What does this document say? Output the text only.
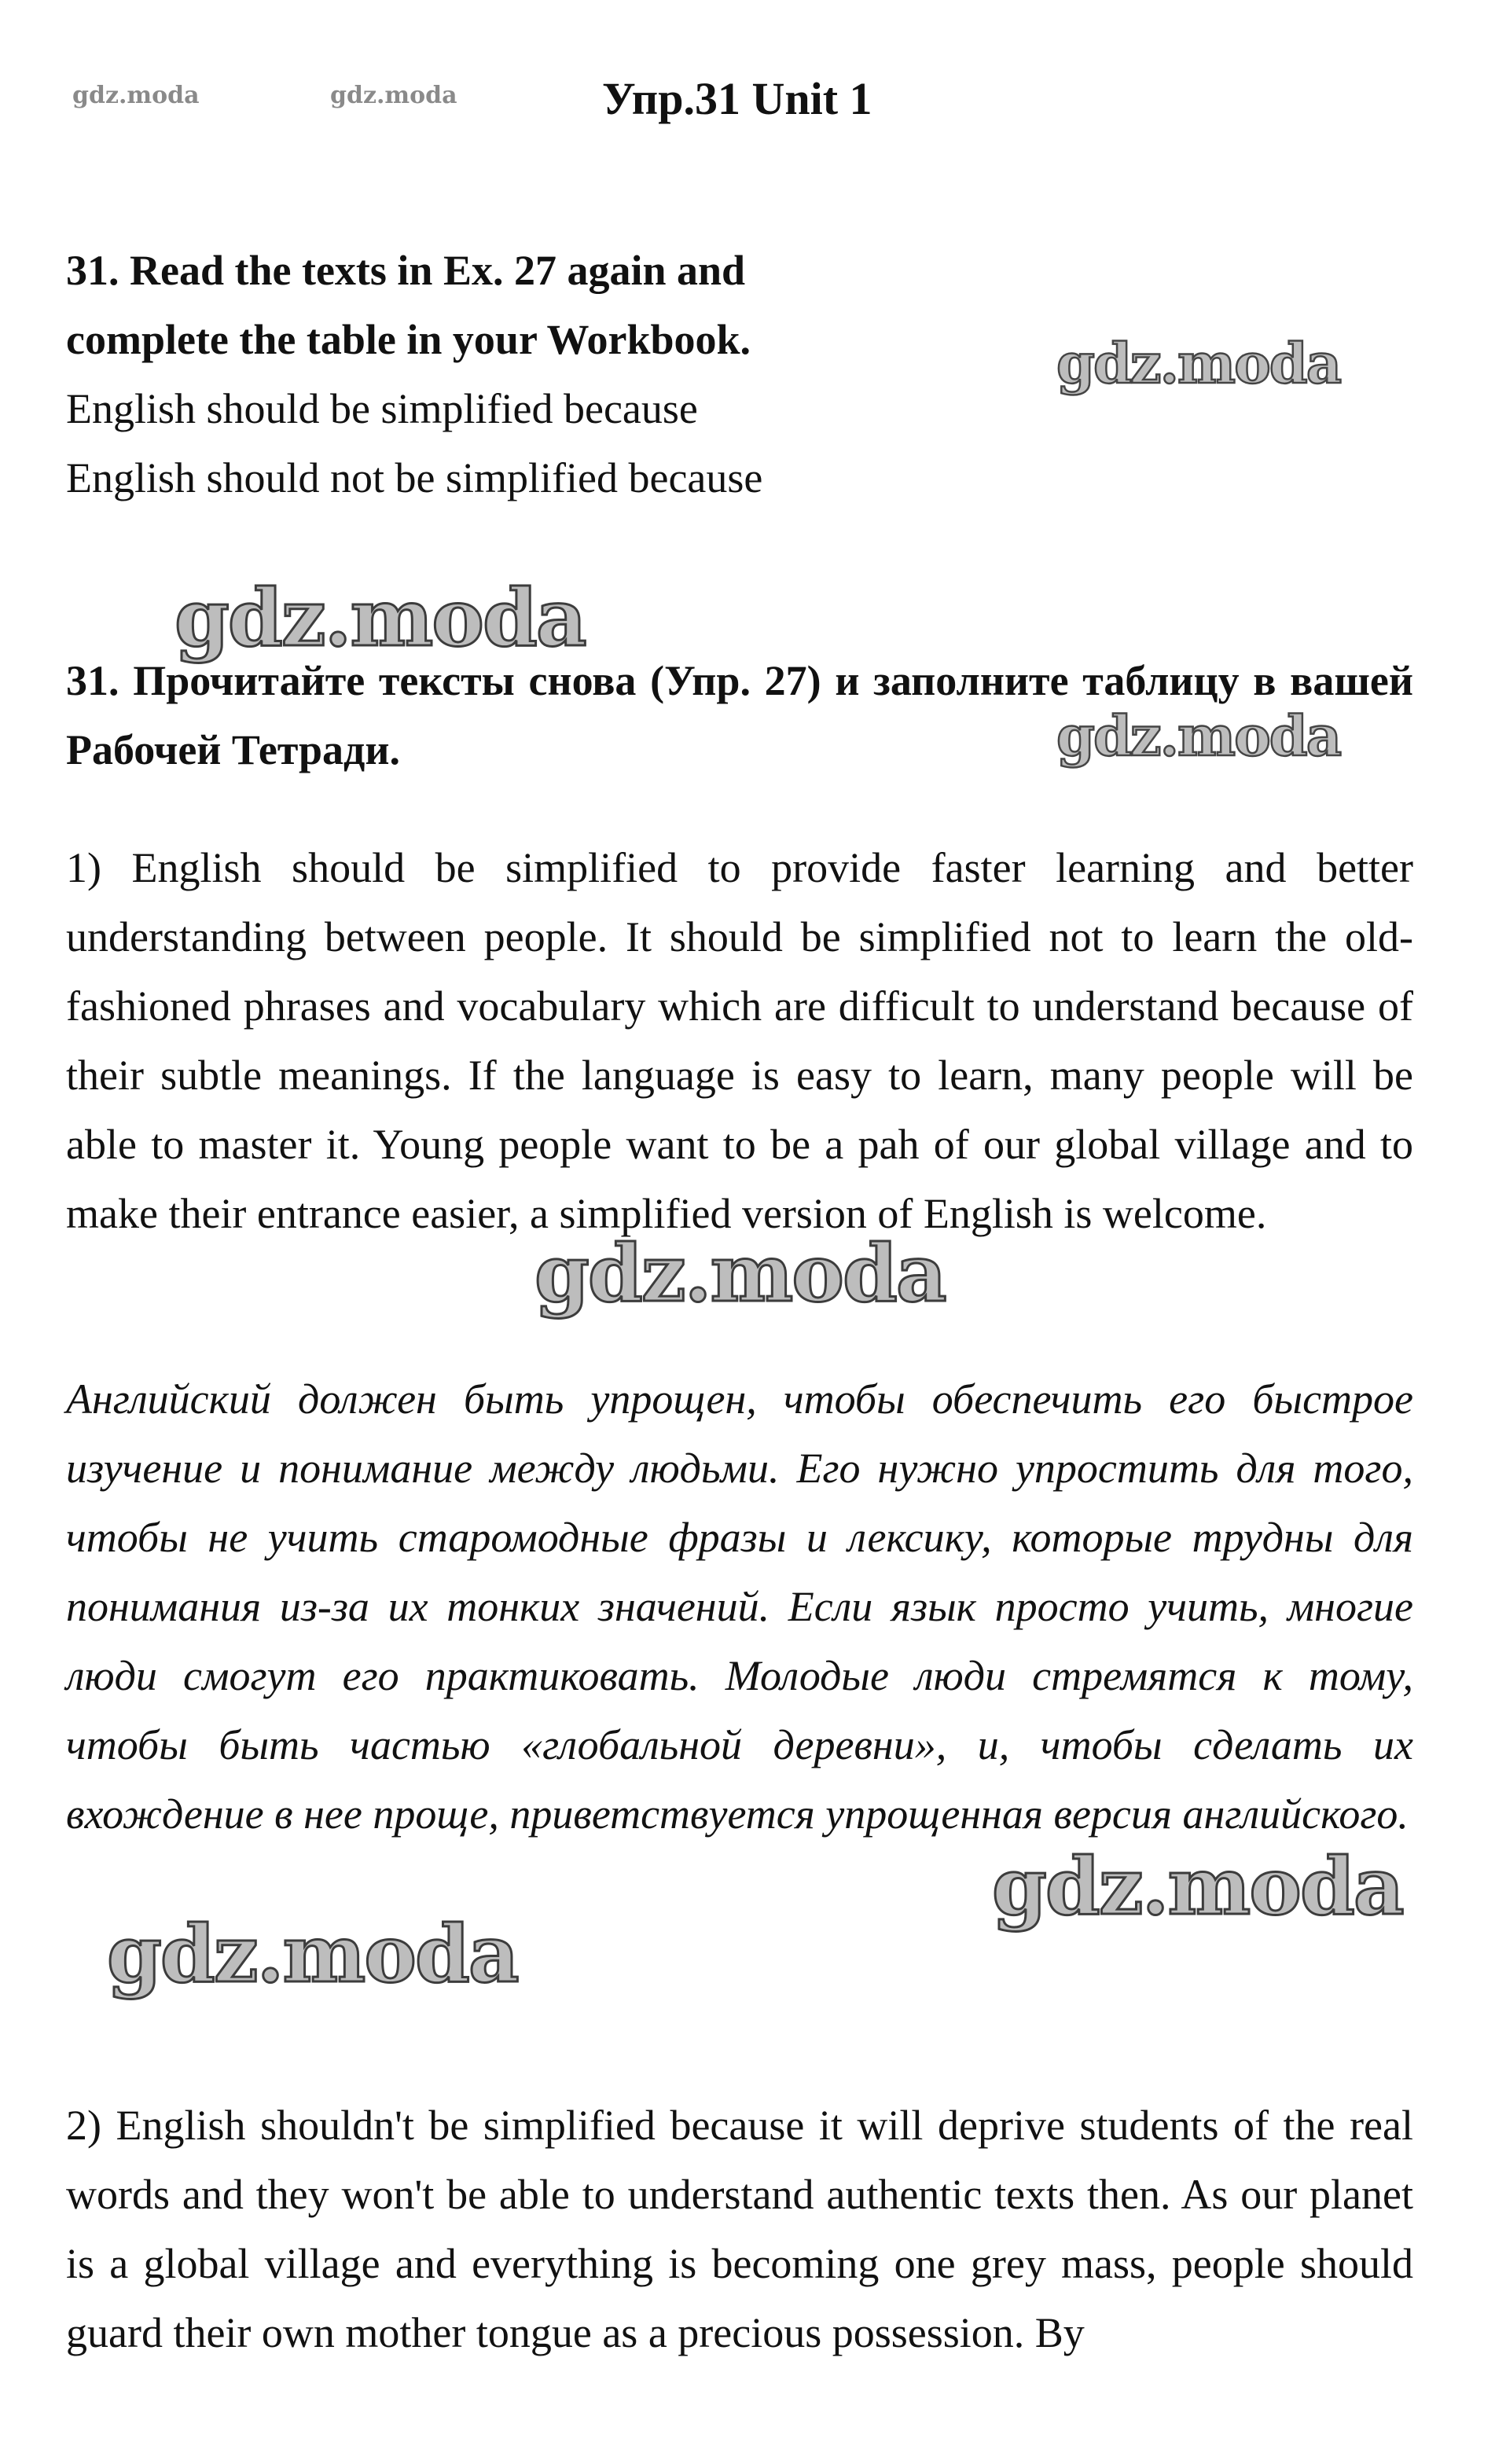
gdz.moda	gdz.moda	Упр.31 Unit 1

31. Read the texts in Ex. 27 again and

complete the table in your Workbook.

English should be simplified because

English should not be simplified because

gdz.moda
gdz.moda
31. Прочитайте тексты снова (Упр. 27) и заполните таблицу в вашей Рабочей Тетради.	gdz.moda
1) English should be simplified to provide faster learning and better understanding between people. It should be simplified not to learn the old-fashioned phrases and vocabulary which are difficult to understand because of their subtle meanings. If the language is easy to learn, many people will be able to master it. Young people want to be a pah of our global village and to make their entrance easier, a simplified version of English is welcome.
gdz.moda
Английский должен быть упрощен, чтобы обеспечить его быстрое изучение и понимание между людьми. Его нужно упростить для того, чтобы не учить старомодные фразы и лексику, которые трудны для понимания из-за их тонких значений. Если язык просто учить, многие люди смогут его практиковать. Молодые люди стремятся к тому, чтобы быть частью «глобальной деревни», и, чтобы сделать их вхождение в нее проще, приветствуется упрощенная версия английского.
gdz.moda
gdz.moda
2) English shouldn't be simplified because it will deprive students of the real words and they won't be able to understand authentic texts then. As our planet is a global village and everything is becoming one grey mass, people should guard their own mother tongue as a precious possession. By
